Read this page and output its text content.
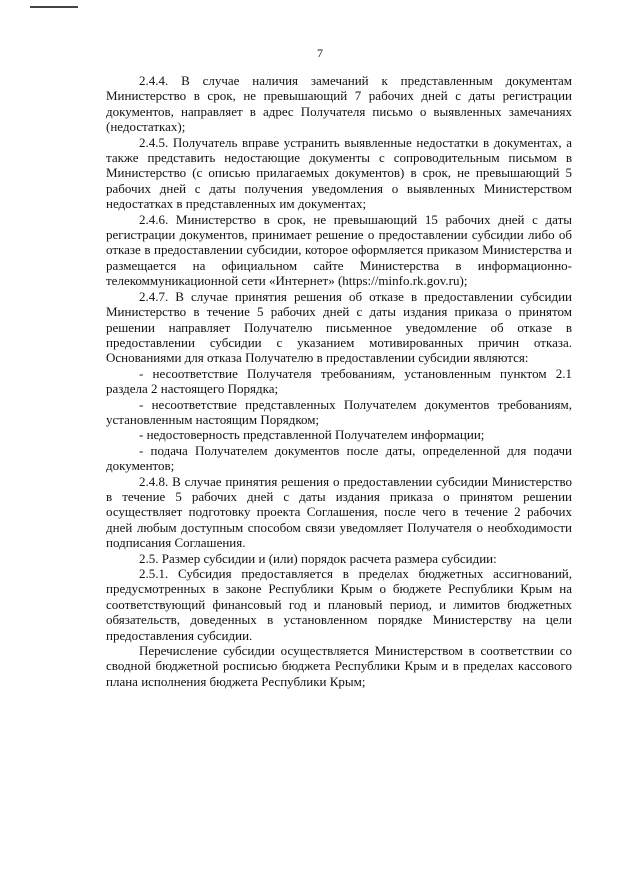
7

2.4.4. В случае наличия замечаний к представленным документам Министерство в срок, не превышающий 7 рабочих дней с даты регистрации документов, направляет в адрес Получателя письмо о выявленных замечаниях (недостатках);

2.4.5. Получатель вправе устранить выявленные недостатки в документах, а также представить недостающие документы с сопроводительным письмом в Министерство (с описью прилагаемых документов) в срок, не превышающий 5 рабочих дней с даты получения уведомления о выявленных Министерством недостатках в представленных им документах;

2.4.6. Министерство в срок, не превышающий 15 рабочих дней с даты регистрации документов, принимает решение о предоставлении субсидии либо об отказе в предоставлении субсидии, которое оформляется приказом Министерства и размещается на официальном сайте Министерства в информационно-телекоммуникационной сети «Интернет» (https://minfo.rk.gov.ru);

2.4.7. В случае принятия решения об отказе в предоставлении субсидии Министерство в течение 5 рабочих дней с даты издания приказа о принятом решении направляет Получателю письменное уведомление об отказе в предоставлении субсидии с указанием мотивированных причин отказа. Основаниями для отказа Получателю в предоставлении субсидии являются:

- несоответствие Получателя требованиям, установленным пунктом 2.1 раздела 2 настоящего Порядка;

- несоответствие представленных Получателем документов требованиям, установленным настоящим Порядком;

- недостоверность представленной Получателем информации;

- подача Получателем документов после даты, определенной для подачи документов;

2.4.8. В случае принятия решения о предоставлении субсидии Министерство в течение 5 рабочих дней с даты издания приказа о принятом решении осуществляет подготовку проекта Соглашения, после чего в течение 2 рабочих дней любым доступным способом связи уведомляет Получателя о необходимости подписания Соглашения.

2.5. Размер субсидии и (или) порядок расчета размера субсидии:

2.5.1. Субсидия предоставляется в пределах бюджетных ассигнований, предусмотренных в законе Республики Крым о бюджете Республики Крым на соответствующий финансовый год и плановый период, и лимитов бюджетных обязательств, доведенных в установленном порядке Министерству на цели предоставления субсидии.

Перечисление субсидии осуществляется Министерством в соответствии со сводной бюджетной росписью бюджета Республики Крым и в пределах кассового плана исполнения бюджета Республики Крым;
